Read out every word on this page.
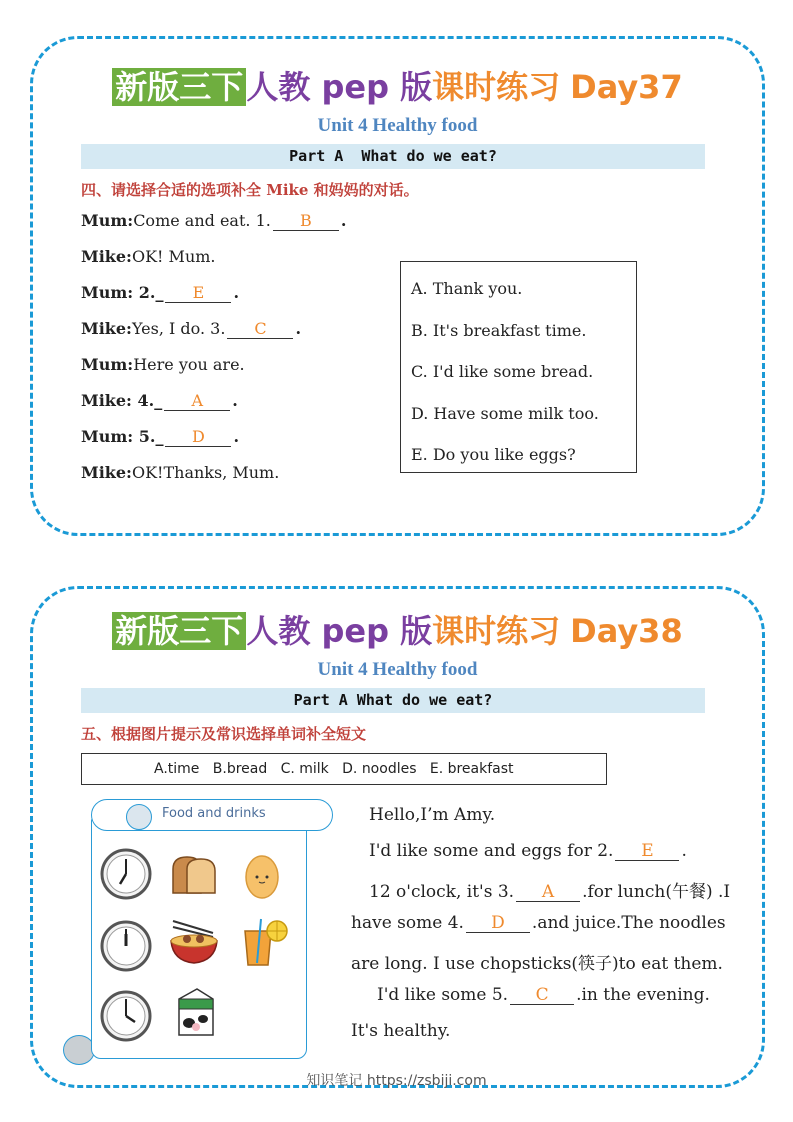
新版三下人教 pep 版课时练习 Day37
Unit 4 Healthy food
Part A  What do we eat?
四、请选择合适的选项补全 Mike 和妈妈的对话。
Mum:Come and eat. 1. B .
Mike:OK! Mum.
Mum: 2._ E .
Mike:Yes, I do. 3. C .
Mum:Here you are.
Mike: 4._ A .
Mum: 5._ D .
Mike:OK!Thanks, Mum.
A. Thank you.
B. It's breakfast time.
C. I'd like some bread.
D. Have some milk too.
E. Do you like eggs?
新版三下人教 pep 版课时练习 Day38
Unit 4 Healthy food
Part A What do we eat?
五、根据图片提示及常识选择单词补全短文
A.time   B.bread   C. milk   D. noodles   E. breakfast
Food and drinks	Hello,I’m Amy.
I'd like some and eggs for 2. E .
12 o'clock, it's 3. A .for lunch(午餐) .I
have some 4. D .and juice.The noodles
are long. I use chopsticks(筷子)to eat them.
I'd like some 5. C .in the evening.
It's healthy.
知识笔记 https://zsbiji.com
